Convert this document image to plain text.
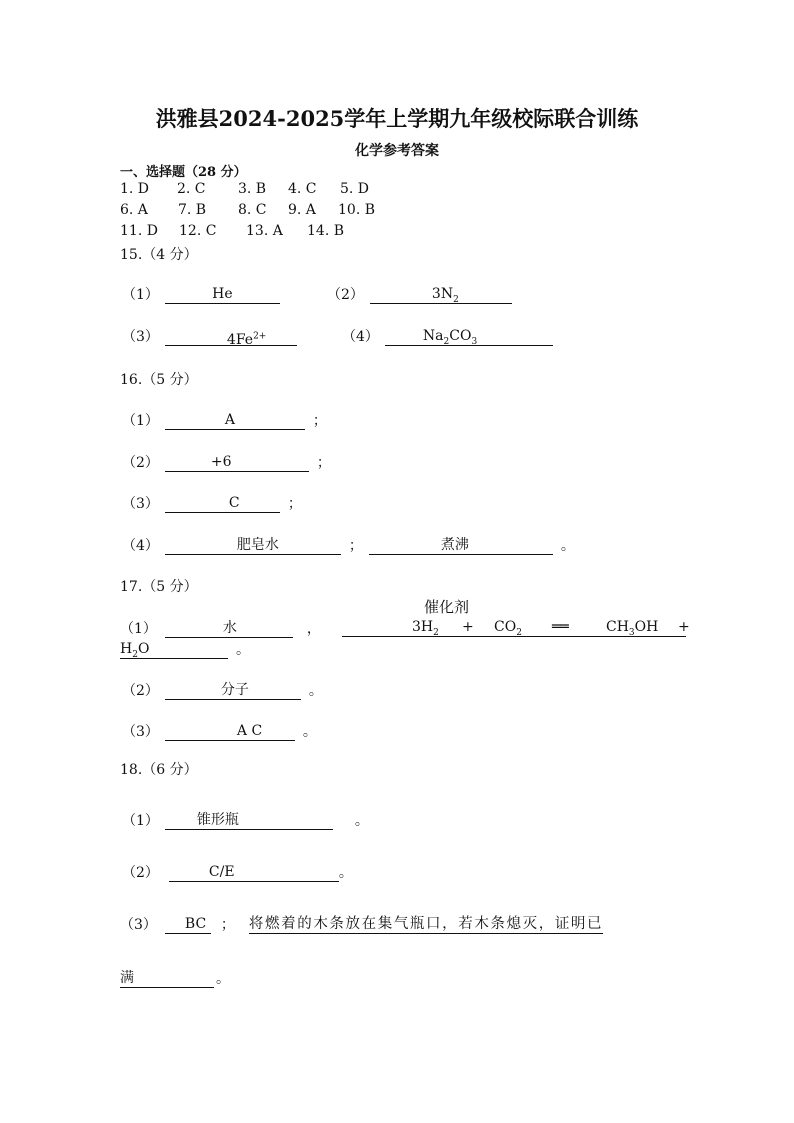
洪雅县2024-2025学年上学期九年级校际联合训练
化学参考答案
一、选择题（28 分）
1. D 2. C 3. B 4. C 5. D
6. A 7. B 8. C 9. A 10. B
11. D 12. C 13. A 14. B
15.（4 分）
（1）	He	（2）	$3N_2$
（3）	$4Fe^{2+}$	（4）	$Na_2CO_3$
16.（5 分）
（1）	A	；
（2）	+6	；
（3）	C	；
（4）	肥皂水	；	煮沸	。
17.（5 分）
催化剂
（1）	水	，	$3H_2 + CO_2$ ══	$CH_3OH$ +
$H_2O$	。
（2）	分子	。
（3）	A C	。
18.（6 分）
（1）	锥形瓶	。
（2）	C/E	。
（3） BC ； 将燃着的木条放在集气瓶口，若木条熄灭，证明已
满	。
